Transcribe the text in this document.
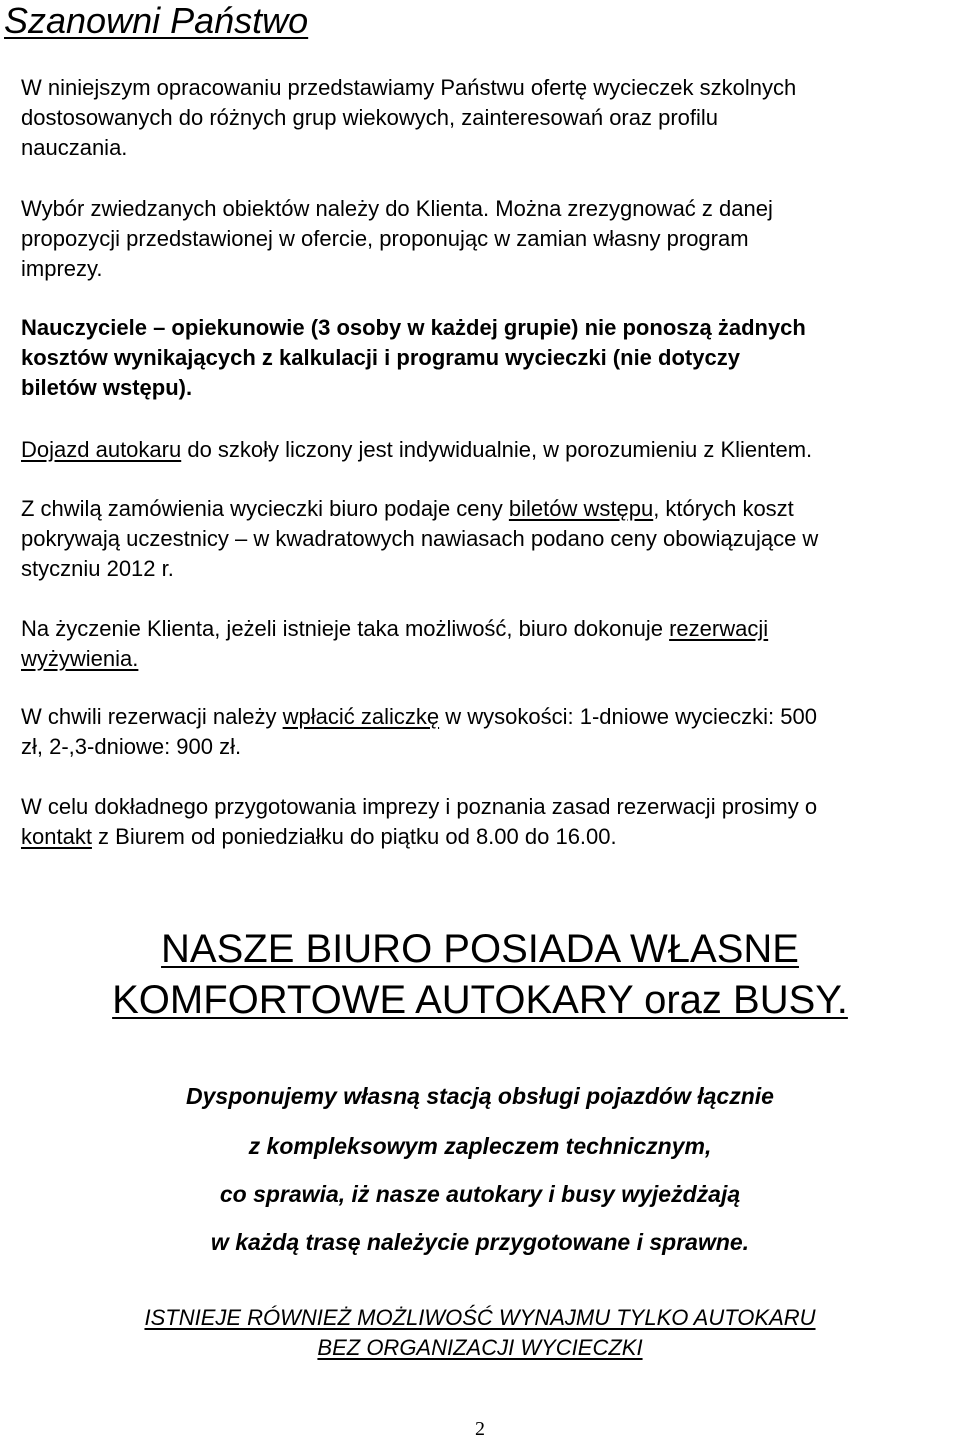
Szanowni Państwo

W niniejszym opracowaniu przedstawiamy Państwu ofertę wycieczek szkolnych
dostosowanych do różnych grup wiekowych, zainteresowań oraz profilu
nauczania.

Wybór zwiedzanych obiektów należy do Klienta. Można zrezygnować z danej
propozycji przedstawionej w ofercie, proponując w zamian własny program
imprezy.

Nauczyciele – opiekunowie (3 osoby w każdej grupie) nie ponoszą żadnych
kosztów wynikających z kalkulacji i programu wycieczki (nie dotyczy
biletów wstępu).

Dojazd autokaru do szkoły liczony jest indywidualnie, w porozumieniu z Klientem.

Z chwilą zamówienia wycieczki biuro podaje ceny biletów wstępu, których koszt
pokrywają uczestnicy – w kwadratowych nawiasach podano ceny obowiązujące w
styczniu 2012 r.

Na życzenie Klienta, jeżeli istnieje taka możliwość, biuro dokonuje rezerwacji
wyżywienia.

W chwili rezerwacji należy wpłacić zaliczkę w wysokości: 1-dniowe wycieczki: 500
zł, 2-,3-dniowe: 900 zł.

W celu dokładnego przygotowania imprezy i poznania zasad rezerwacji prosimy o
kontakt z Biurem od poniedziałku do piątku od 8.00 do 16.00.

NASZE BIURO POSIADA WŁASNE
KOMFORTOWE AUTOKARY oraz BUSY.

Dysponujemy własną stacją obsługi pojazdów łącznie

z kompleksowym zapleczem technicznym,

co sprawia, iż nasze autokary i busy wyjeżdżają

w każdą trasę należycie przygotowane i sprawne.

ISTNIEJE RÓWNIEŻ MOŻLIWOŚĆ WYNAJMU TYLKO AUTOKARU

BEZ ORGANIZACJI WYCIECZKI

2
